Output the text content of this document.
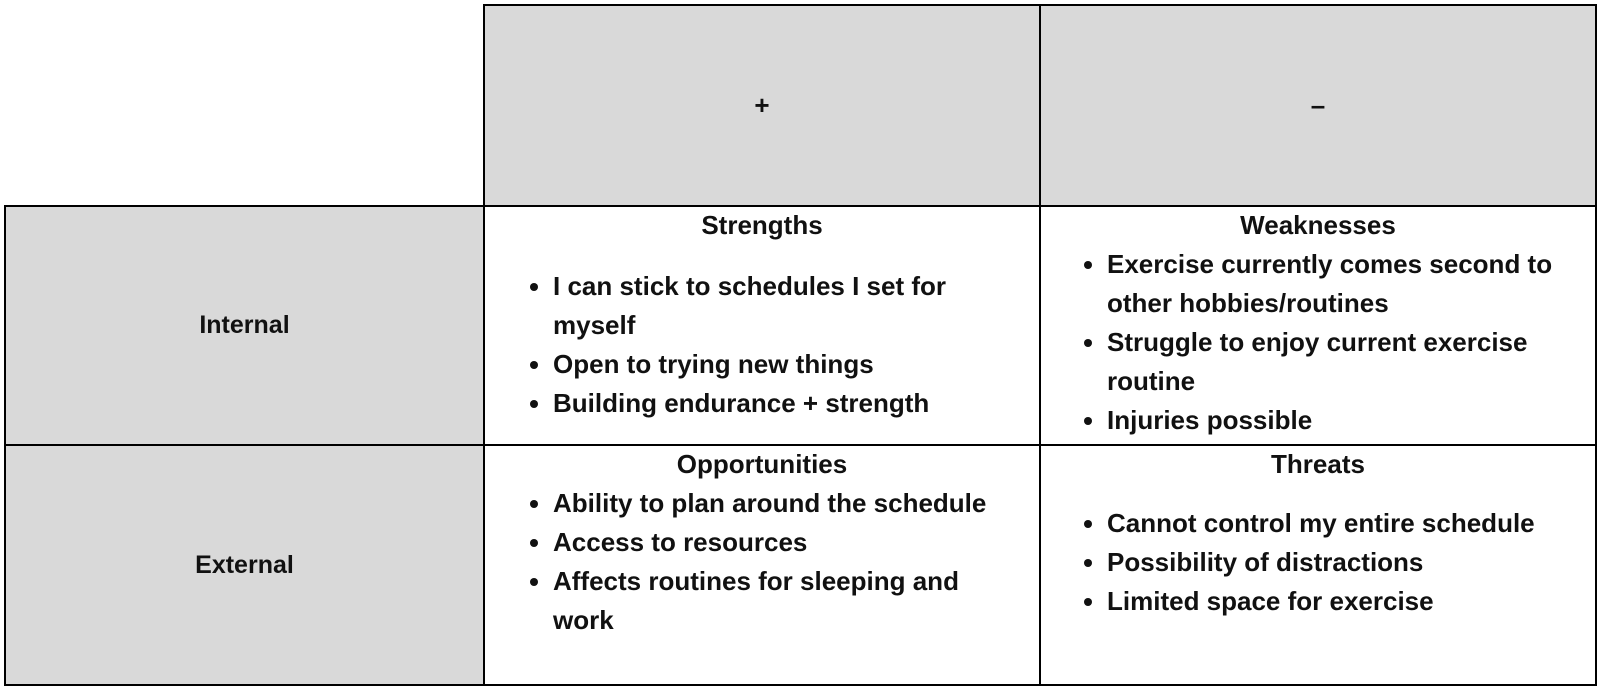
+	–
Internal
External
Strengths
• I can stick to schedules I set for myself
• Open to trying new things
• Building endurance + strength
Weaknesses
• Exercise currently comes second to other hobbies/routines
• Struggle to enjoy current exercise routine
• Injuries possible
Opportunities
• Ability to plan around the schedule
• Access to resources
• Affects routines for sleeping and work
Threats
• Cannot control my entire schedule
• Possibility of distractions
• Limited space for exercise
